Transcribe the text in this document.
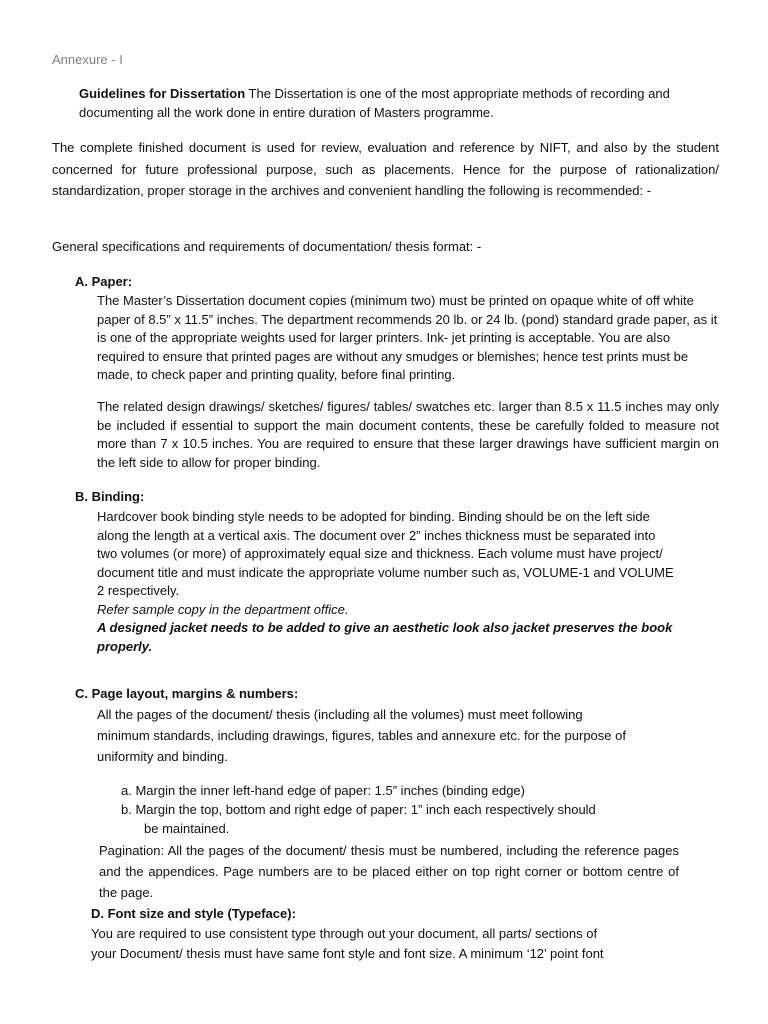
Annexure - I

Guidelines for Dissertation The Dissertation is one of the most appropriate methods of recording and
documenting all the work done in entire duration of Masters programme.

The complete finished document is used for review, evaluation and reference by NIFT, and also by the student concerned for future professional purpose, such as placements. Hence for the purpose of rationalization/ standardization, proper storage in the archives and convenient handling the following is recommended: -

General specifications and requirements of documentation/ thesis format: -

A. Paper:

The Master’s Dissertation document copies (minimum two) must be printed on opaque white of off white paper of 8.5” x 11.5” inches. The department recommends 20 lb. or 24 lb. (pond) standard grade paper, as it is one of the appropriate weights used for larger printers. Ink- jet printing is acceptable. You are also required to ensure that printed pages are without any smudges or blemishes; hence test prints must be made, to check paper and printing quality, before final printing.

The related design drawings/ sketches/ figures/ tables/ swatches etc. larger than 8.5 x 11.5 inches may only be included if essential to support the main document contents, these be carefully folded to measure not more than 7 x 10.5 inches. You are required to ensure that these larger drawings have sufficient margin on the left side to allow for proper binding.

B. Binding:

Hardcover book binding style needs to be adopted for binding. Binding should be on the left side
along the length at a vertical axis. The document over 2” inches thickness must be separated into
two volumes (or more) of approximately equal size and thickness. Each volume must have project/
document title and must indicate the appropriate volume number such as, VOLUME-1 and VOLUME
2 respectively.
Refer sample copy in the department office.
A designed jacket needs to be added to give an aesthetic look also jacket preserves the book
properly.

C. Page layout, margins & numbers:

All the pages of the document/ thesis (including all the volumes) must meet following
minimum standards, including drawings, figures, tables and annexure etc. for the purpose of
uniformity and binding.

a. Margin the inner left-hand edge of paper: 1.5” inches (binding edge)

b. Margin the top, bottom and right edge of paper: 1” inch each respectively should

be maintained.

Pagination: All the pages of the document/ thesis must be numbered, including the reference pages and the appendices. Page numbers are to be placed either on top right corner or bottom centre of the page.

D. Font size and style (Typeface):

You are required to use consistent type through out your document, all parts/ sections of

your Document/ thesis must have same font style and font size. A minimum ‘12’ point font
